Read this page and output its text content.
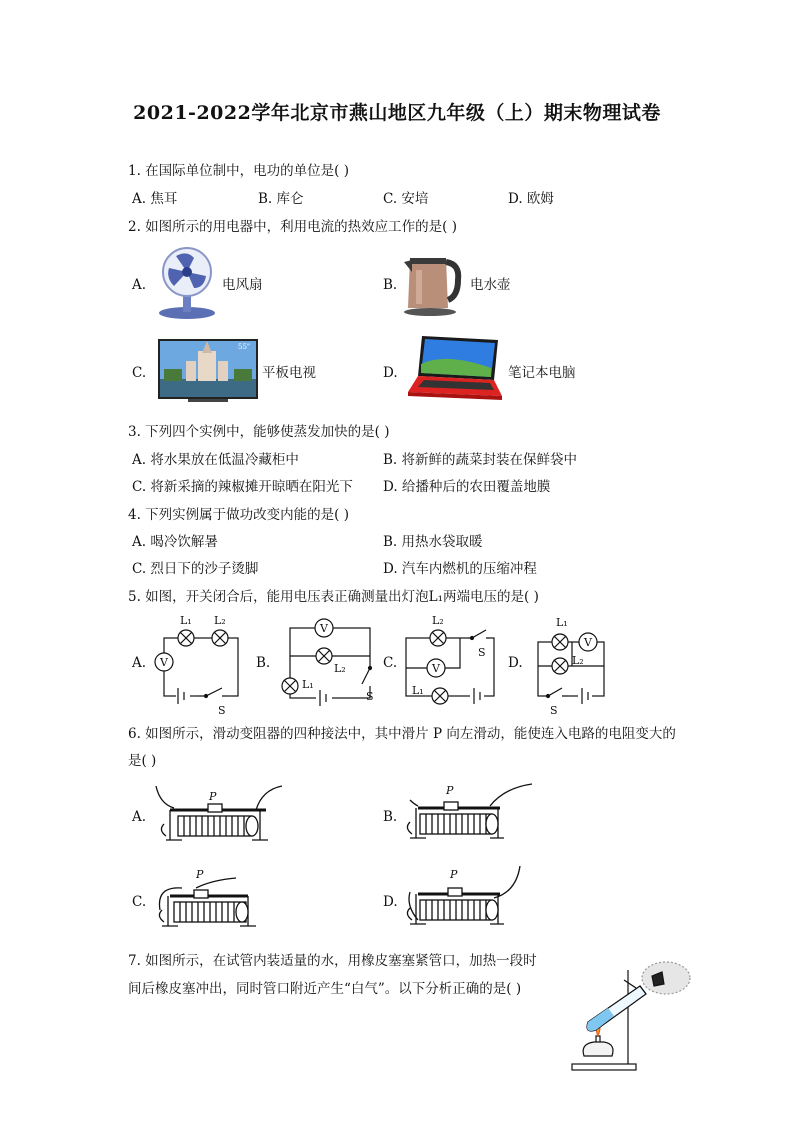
2021-2022学年北京市燕山地区九年级（上）期末物理试卷
1. 在国际单位制中，电功的单位是( )
A. 焦耳	B. 库仑	C. 安培	D. 欧姆
2. 如图所示的用电器中，利用电流的热效应工作的是( )
A.	电风扇	B.	电水壶
C.	平板电视	D.	笔记本电脑
55"
3. 下列四个实例中，能够使蒸发加快的是( )
A. 将水果放在低温冷藏柜中	B. 将新鲜的蔬菜封装在保鲜袋中
C. 将新采摘的辣椒摊开晾晒在阳光下 D. 给播种后的农田覆盖地膜
4. 下列实例属于做功改变内能的是( )
A. 喝冷饮解暑	B. 用热水袋取暖
C. 烈日下的沙子烫脚	D. 汽车内燃机的压缩冲程
5. 如图，开关闭合后，能用电压表正确测量出灯泡L₁两端电压的是( )
A.	B.	C.	D.
L₁ L₂
V
S
V
L₂
L₁
S
L₂
S
V
L₁
L₁
V
L₂
S
6. 如图所示，滑动变阻器的四种接法中，其中滑片 P 向左滑动，能使连入电路的电阻变大的
是( )
A.	B.
C.	D.
P	P
P	P
7. 如图所示，在试管内装适量的水，用橡皮塞塞紧管口，加热一段时
间后橡皮塞冲出，同时管口附近产生“白气”。以下分析正确的是( )
